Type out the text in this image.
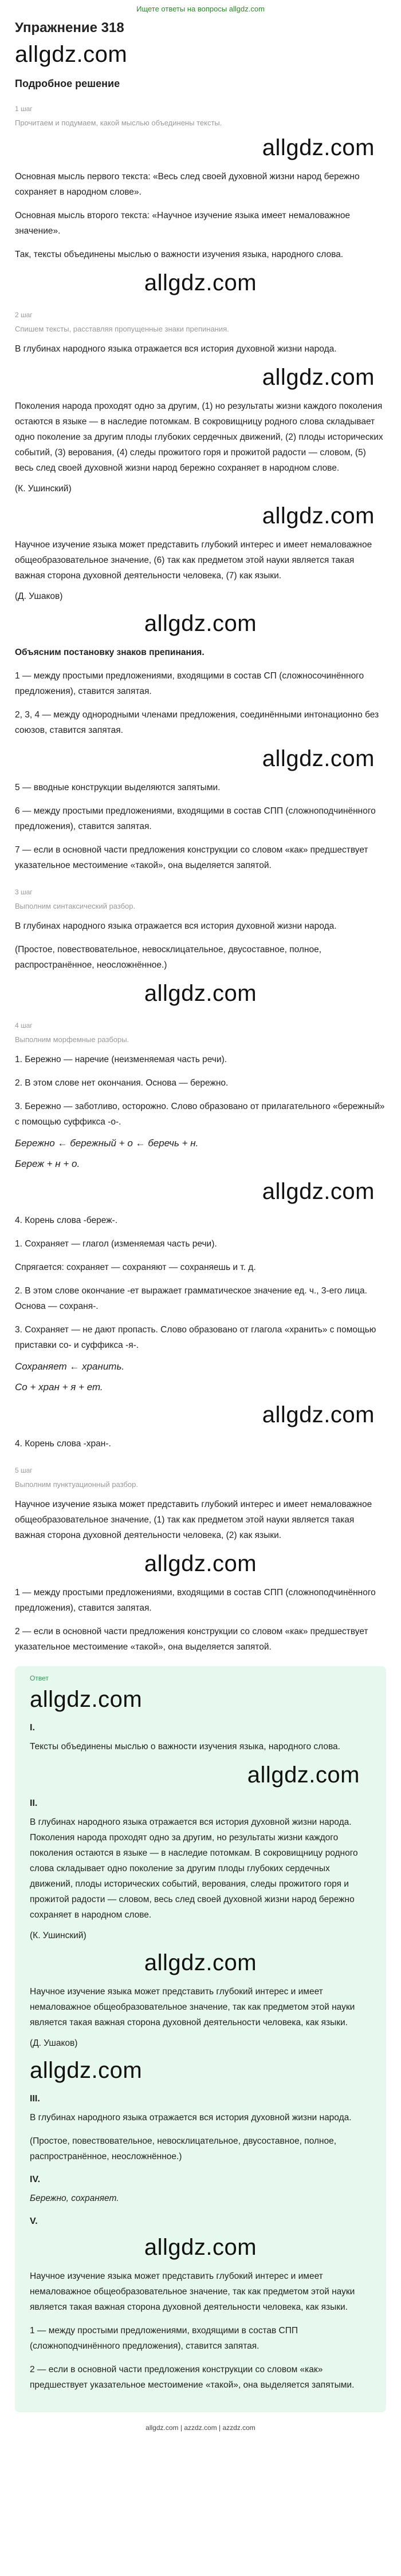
Ищете ответы на вопросы allgdz.com
Упражнение 318
allgdz.com
Подробное решение
1 шаг
Прочитаем и подумаем, какой мыслью объединены тексты.
allgdz.com

Основная мысль первого текста: «Весь след своей духовной жизни народ бережно сохраняет в народном слове».

Основная мысль второго текста: «Научное изучение языка имеет немаловажное значение».

Так, тексты объединены мыслью о важности изучения языка, народного слова.

allgdz.com
2 шаг
Спишем тексты, расставляя пропущенные знаки препинания.

В глубинах народного языка отражается вся история духовной жизни народа.

allgdz.com

Поколения народа проходят одно за другим, (1) но результаты жизни каждого поколения остаются в языке — в наследие потомкам. В сокровищницу родного слова складывает одно поколение за другим плоды глубоких сердечных движений, (2) плоды исторических событий, (3) верования, (4) следы прожитого горя и прожитой радости — словом, (5) весь след своей духовной жизни народ бережно сохраняет в народном слове.

(К. Ушинский)
allgdz.com

Научное изучение языка может представить глубокий интерес и имеет немаловажное общеобразовательное значение, (6) так как предметом этой науки является такая важная сторона духовной деятельности человека, (7) как языки.

(Д. Ушаков)
allgdz.com

Объясним постановку знаков препинания.

1 — между простыми предложениями, входящими в состав СП (сложносочинённого предложения), ставится запятая.

2, 3, 4 — между однородными членами предложения, соединёнными интонационно без союзов, ставится запятая.

allgdz.com

5 — вводные конструкции выделяются запятыми.

6 — между простыми предложениями, входящими в состав СПП (сложноподчинённого предложения), ставится запятая.

7 — если в основной части предложения конструкции со словом «как» предшествует указательное местоимение «такой», она выделяется запятой.

3 шаг
Выполним синтаксический разбор.

В глубинах народного языка отражается вся история духовной жизни народа.

(Простое, повествовательное, невосклицательное, двусоставное, полное, распространённое, неосложнённое.)

allgdz.com
4 шаг
Выполним морфемные разборы.

1. Бережно — наречие (неизменяемая часть речи).

2. В этом слове нет окончания. Основа — бережно.

3. Бережно — заботливо, осторожно. Слово образовано от прилагательного «бережный» с помощью суффикса -о-.

Бережно ← бережный + о ← беречь + н.
Береж + н + о.
allgdz.com

4. Корень слова -береж-.

1. Сохраняет — глагол (изменяемая часть речи).

Спрягается: сохраняет — сохраняют — сохраняешь и т. д.

2. В этом слове окончание -ет выражает грамматическое значение ед. ч., 3-его лица. Основа — сохраня-.

3. Сохраняет — не дают пропасть. Слово образовано от глагола «хранить» с помощью приставки со- и суффикса -я-.

Сохраняет ← хранить.
Со + хран + я + ет.
allgdz.com

4. Корень слова -хран-.

5 шаг
Выполним пунктуационный разбор.

Научное изучение языка может представить глубокий интерес и имеет немаловажное общеобразовательное значение, (1) так как предметом этой науки является такая важная сторона духовной деятельности человека, (2) как языки.

allgdz.com

1 — между простыми предложениями, входящими в состав СПП (сложноподчинённого предложения), ставится запятая.

2 — если в основной части предложения конструкции со словом «как» предшествует указательное местоимение «такой», она выделяется запятой.

Ответ
allgdz.com
I.

Тексты объединены мыслью о важности изучения языка, народного слова.

allgdz.com
II.

В глубинах народного языка отражается вся история духовной жизни народа. Поколения народа проходят одно за другим, но результаты жизни каждого поколения остаются в языке — в наследие потомкам. В сокровищницу родного слова складывает одно поколение за другим плоды глубоких сердечных движений, плоды исторических событий, верования, следы прожитого горя и прожитой радости — словом, весь след своей духовной жизни народ бережно сохраняет в народном слове.

(К. Ушинский)
allgdz.com

Научное изучение языка может представить глубокий интерес и имеет немаловажное общеобразовательное значение, так как предметом этой науки является такая важная сторона духовной деятельности человека, как языки.

(Д. Ушаков)
allgdz.com
III.

В глубинах народного языка отражается вся история духовной жизни народа.

(Простое, повествовательное, невосклицательное, двусоставное, полное, распространённое, неосложнённое.)

IV.

Бережно, сохраняет.

V.
allgdz.com

Научное изучение языка может представить глубокий интерес и имеет немаловажное общеобразовательное значение, так как предметом этой науки является такая важная сторона духовной деятельности человека, как языки.

1 — между простыми предложениями, входящими в состав СПП (сложноподчинённого предложения), ставится запятая.

2 — если в основной части предложения конструкции со словом «как» предшествует указательное местоимение «такой», она выделяется запятыми.

allgdz.com | azzdz.com | azzdz.com
